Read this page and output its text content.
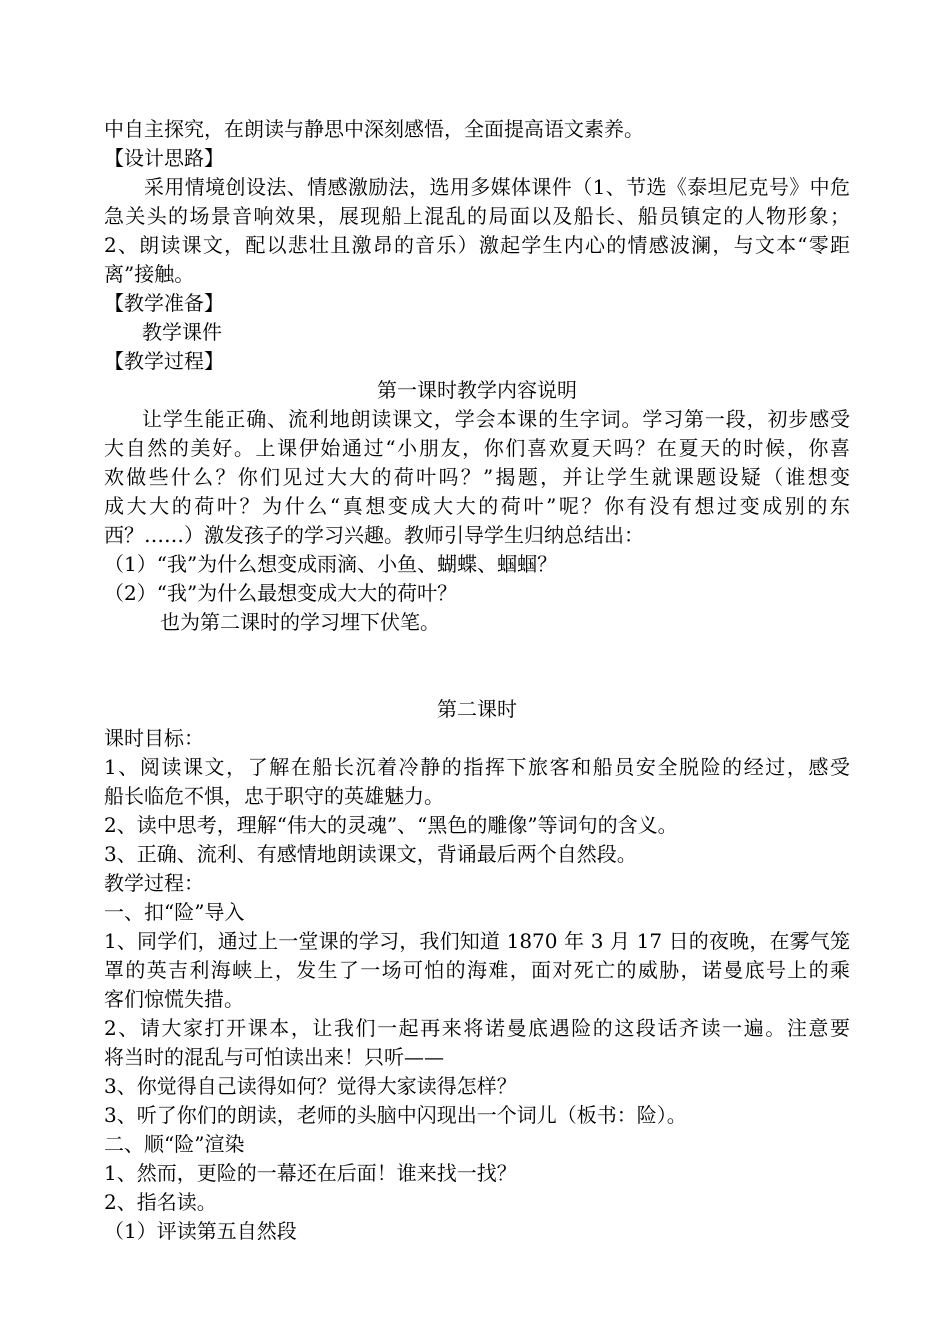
中自主探究，在朗读与静思中深刻感悟，全面提高语文素养。
【设计思路】
采用情境创设法、情感激励法，选用多媒体课件（1、节选《泰坦尼克号》中危
急关头的场景音响效果，展现船上混乱的局面以及船长、船员镇定的人物形象；
2、朗读课文，配以悲壮且激昂的音乐）激起学生内心的情感波澜，与文本“零距
离”接触。
【教学准备】
教学课件
【教学过程】
第一课时教学内容说明
让学生能正确、流利地朗读课文，学会本课的生字词。学习第一段，初步感受
大自然的美好。上课伊始通过“小朋友，你们喜欢夏天吗？在夏天的时候，你喜
欢做些什么？你们见过大大的荷叶吗？”揭题，并让学生就课题设疑（谁想变
成大大的荷叶？为什么“真想变成大大的荷叶”呢？你有没有想过变成别的东
西？……）激发孩子的学习兴趣。教师引导学生归纳总结出：
（1）“我”为什么想变成雨滴、小鱼、蝴蝶、蝈蝈？
（2）“我”为什么最想变成大大的荷叶？
也为第二课时的学习埋下伏笔。
第二课时
课时目标：
1、阅读课文，了解在船长沉着冷静的指挥下旅客和船员安全脱险的经过，感受
船长临危不惧，忠于职守的英雄魅力。
2、读中思考，理解“伟大的灵魂”、“黑色的雕像”等词句的含义。
3、正确、流利、有感情地朗读课文，背诵最后两个自然段。
教学过程：
一、扣“险”导入
1、同学们，通过上一堂课的学习，我们知道 1870 年 3 月 17 日的夜晚，在雾气笼
罩的英吉利海峡上，发生了一场可怕的海难，面对死亡的威胁，诺曼底号上的乘
客们惊慌失措。
2、请大家打开课本，让我们一起再来将诺曼底遇险的这段话齐读一遍。注意要
将当时的混乱与可怕读出来！只听——
3、你觉得自己读得如何？觉得大家读得怎样？
3、听了你们的朗读，老师的头脑中闪现出一个词儿（板书：险）。
二、顺“险”渲染
1、然而，更险的一幕还在后面！谁来找一找？
2、指名读。
（1）评读第五自然段
